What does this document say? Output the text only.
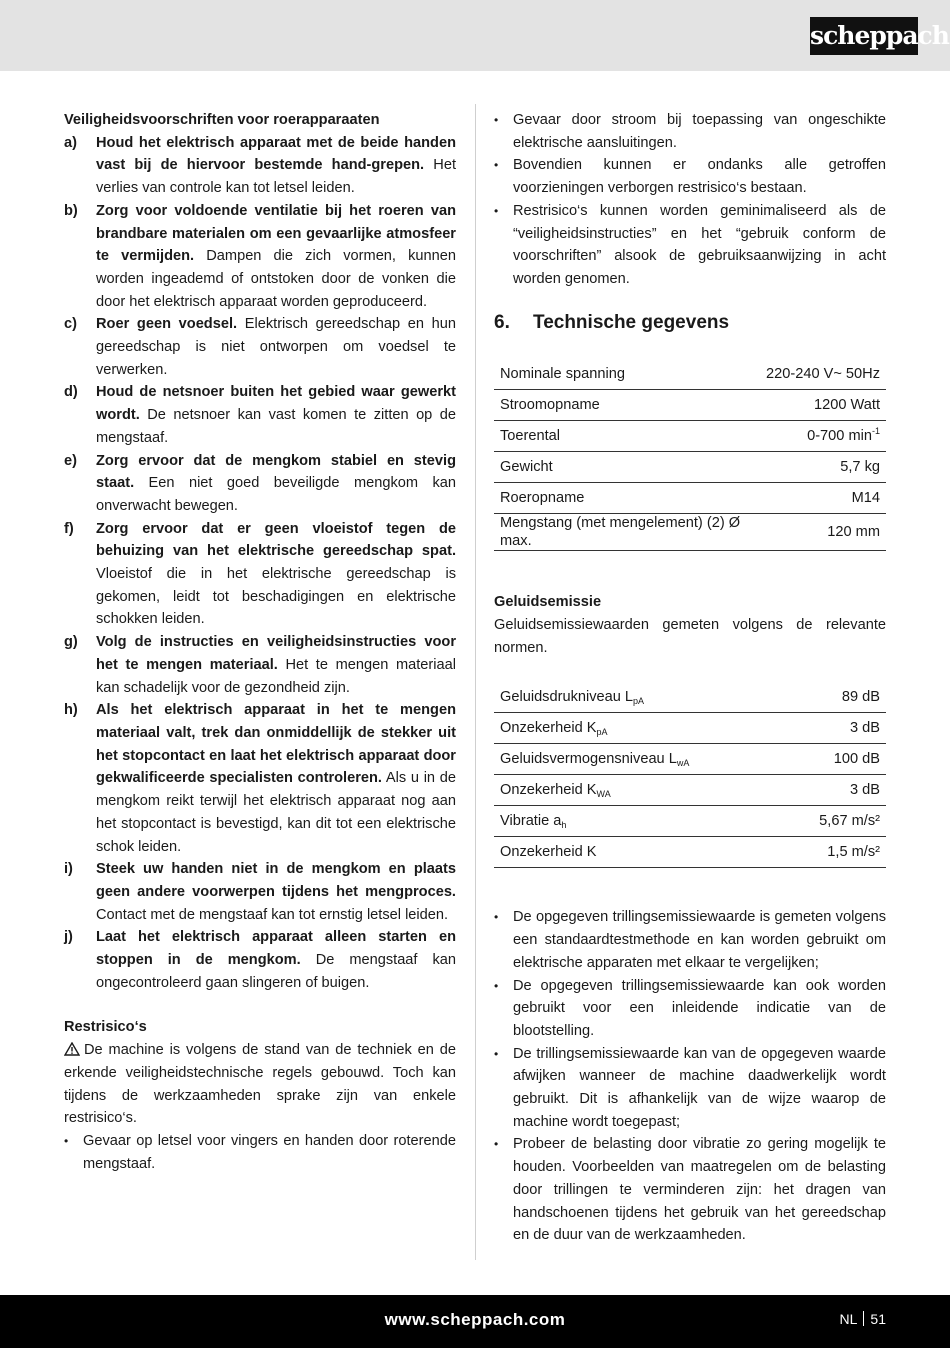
scheppach

Veiligheidsvoorschriften voor roerapparaaten

a)	Houd het elektrisch apparaat met de beide handen vast bij de hiervoor bestemde hand-grepen. Het verlies van controle kan tot letsel leiden.
b)	Zorg voor voldoende ventilatie bij het roeren van brandbare materialen om een gevaarlijke atmosfeer te vermijden. Dampen die zich vormen, kunnen worden ingeademd of ontstoken door de vonken die door het elektrisch apparaat worden geproduceerd.
c)	Roer geen voedsel. Elektrisch gereedschap en hun gereedschap is niet ontworpen om voedsel te verwerken.
d)	Houd de netsnoer buiten het gebied waar gewerkt wordt. De netsnoer kan vast komen te zitten op de mengstaaf.
e)	Zorg ervoor dat de mengkom stabiel en stevig staat. Een niet goed beveiligde mengkom kan onverwacht bewegen.
f)	Zorg ervoor dat er geen vloeistof tegen de behuizing van het elektrische gereedschap spat. Vloeistof die in het elektrische gereedschap is gekomen, leidt tot beschadigingen en elektrische schokken leiden.
g)	Volg de instructies en veiligheidsinstructies voor het te mengen materiaal. Het te mengen materiaal kan schadelijk voor de gezondheid zijn.
h)	Als het elektrisch apparaat in het te mengen materiaal valt, trek dan onmiddellijk de stekker uit het stopcontact en laat het elektrisch apparaat door gekwalificeerde specialisten controleren. Als u in de mengkom reikt terwijl het elektrisch apparaat nog aan het stopcontact is bevestigd, kan dit tot een elektrische schok leiden.
i)	Steek uw handen niet in de mengkom en plaats geen andere voorwerpen tijdens het mengproces. Contact met de mengstaaf kan tot ernstig letsel leiden.
j)	Laat het elektrisch apparaat alleen starten en stoppen in de mengkom. De mengstaaf kan ongecontroleerd gaan slingeren of buigen.

Restrisico‘s

De machine is volgens de stand van de techniek en de erkende veiligheidstechnische regels gebouwd. Toch kan tijdens de werkzaamheden sprake zijn van enkele restrisico‘s.

•	Gevaar op letsel voor vingers en handen door roterende mengstaaf.
•	Gevaar door stroom bij toepassing van ongeschikte elektrische aansluitingen.
•	Bovendien kunnen er ondanks alle getroffen voorzieningen verborgen restrisico‘s bestaan.
•	Restrisico‘s kunnen worden geminimaliseerd als de “veiligheidsinstructies” en het “gebruik conform de voorschriften” alsook de gebruiksaanwijzing in acht worden genomen.
6.	Technische gegevens
Nominale spanning	220-240 V~ 50Hz
Stroomopname	1200 Watt
Toerental	0-700 $\min^{-1}$
Gewicht	5,7 kg
Roeropname	M14
Mengstang (met mengelement) (2) Ø max.	120 mm

Geluidsemissie

Geluidsemissiewaarden gemeten volgens de relevante normen.

Geluidsdrukniveau $L_{pA}$	89 dB
Onzekerheid $K_{pA}$	3 dB
Geluidsvermogensniveau $L_{wA}$	100 dB
Onzekerheid $K_{WA}$	3 dB
Vibratie $a_h$	5,67 m/s²
Onzekerheid K	1,5 m/s²
•	De opgegeven trillingsemissiewaarde is gemeten volgens een standaardtestmethode en kan worden gebruikt om elektrische apparaten met elkaar te vergelijken;
•	De opgegeven trillingsemissiewaarde kan ook worden gebruikt voor een inleidende indicatie van de blootstelling.
•	De trillingsemissiewaarde kan van de opgegeven waarde afwijken wanneer de machine daadwerkelijk wordt gebruikt. Dit is afhankelijk van de wijze waarop de machine wordt toegepast;
•	Probeer de belasting door vibratie zo gering mogelijk te houden. Voorbeelden van maatregelen om de belasting door trillingen te verminderen zijn: het dragen van handschoenen tijdens het gebruik van het gereedschap en de duur van de werkzaamheden.
www.scheppach.com	NL 51
